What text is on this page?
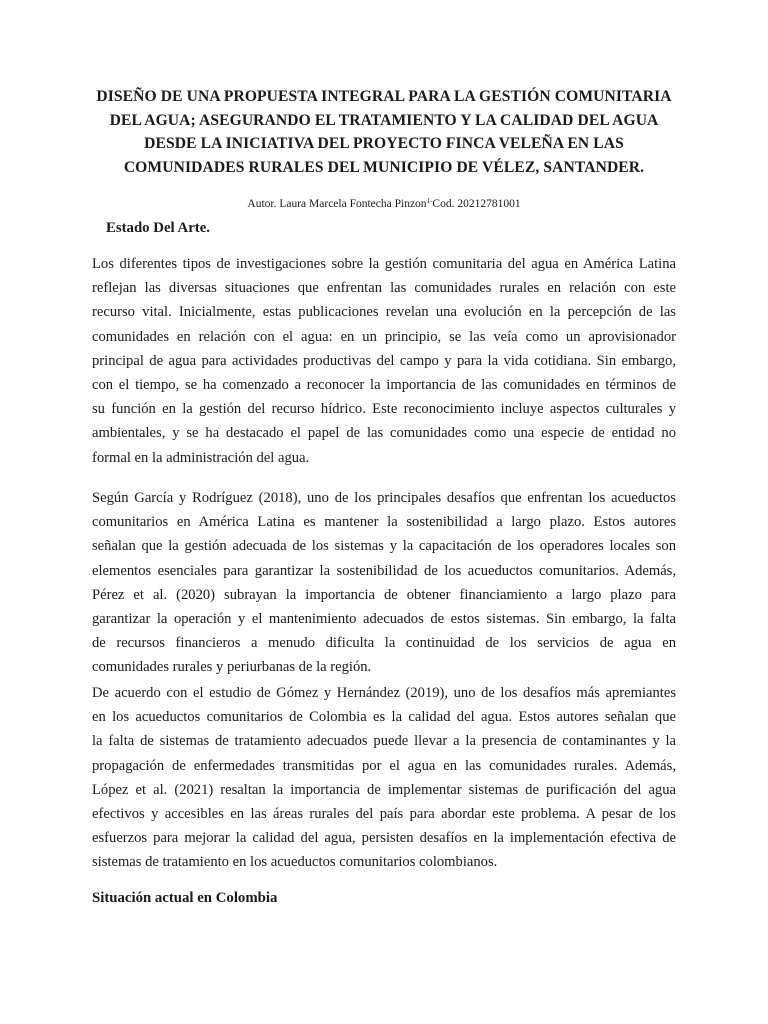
DISEÑO DE UNA PROPUESTA INTEGRAL PARA LA GESTIÓN COMUNITARIA
DEL AGUA; ASEGURANDO EL TRATAMIENTO Y LA CALIDAD DEL AGUA
DESDE LA INICIATIVA DEL PROYECTO FINCA VELEÑA EN LAS
COMUNIDADES RURALES DEL MUNICIPIO DE VÉLEZ, SANTANDER.
Autor. Laura Marcela Fontecha Pinzon$^{1-}$Cod. 20212781001
Estado Del Arte.
Los diferentes tipos de investigaciones sobre la gestión comunitaria del agua en América Latina
reflejan las diversas situaciones que enfrentan las comunidades rurales en relación con este
recurso vital. Inicialmente, estas publicaciones revelan una evolución en la percepción de las
comunidades en relación con el agua: en un principio, se las veía como un aprovisionador
principal de agua para actividades productivas del campo y para la vida cotidiana. Sin embargo,
con el tiempo, se ha comenzado a reconocer la importancia de las comunidades en términos de
su función en la gestión del recurso hídrico. Este reconocimiento incluye aspectos culturales y
ambientales, y se ha destacado el papel de las comunidades como una especie de entidad no
formal en la administración del agua.
Según García y Rodríguez (2018), uno de los principales desafíos que enfrentan los acueductos
comunitarios en América Latina es mantener la sostenibilidad a largo plazo. Estos autores
señalan que la gestión adecuada de los sistemas y la capacitación de los operadores locales son
elementos esenciales para garantizar la sostenibilidad de los acueductos comunitarios. Además,
Pérez et al. (2020) subrayan la importancia de obtener financiamiento a largo plazo para
garantizar la operación y el mantenimiento adecuados de estos sistemas. Sin embargo, la falta
de recursos financieros a menudo dificulta la continuidad de los servicios de agua en
comunidades rurales y periurbanas de la región.
De acuerdo con el estudio de Gómez y Hernández (2019), uno de los desafíos más apremiantes
en los acueductos comunitarios de Colombia es la calidad del agua. Estos autores señalan que
la falta de sistemas de tratamiento adecuados puede llevar a la presencia de contaminantes y la
propagación de enfermedades transmitidas por el agua en las comunidades rurales. Además,
López et al. (2021) resaltan la importancia de implementar sistemas de purificación del agua
efectivos y accesibles en las áreas rurales del país para abordar este problema. A pesar de los
esfuerzos para mejorar la calidad del agua, persisten desafíos en la implementación efectiva de
sistemas de tratamiento en los acueductos comunitarios colombianos.
Situación actual en Colombia
